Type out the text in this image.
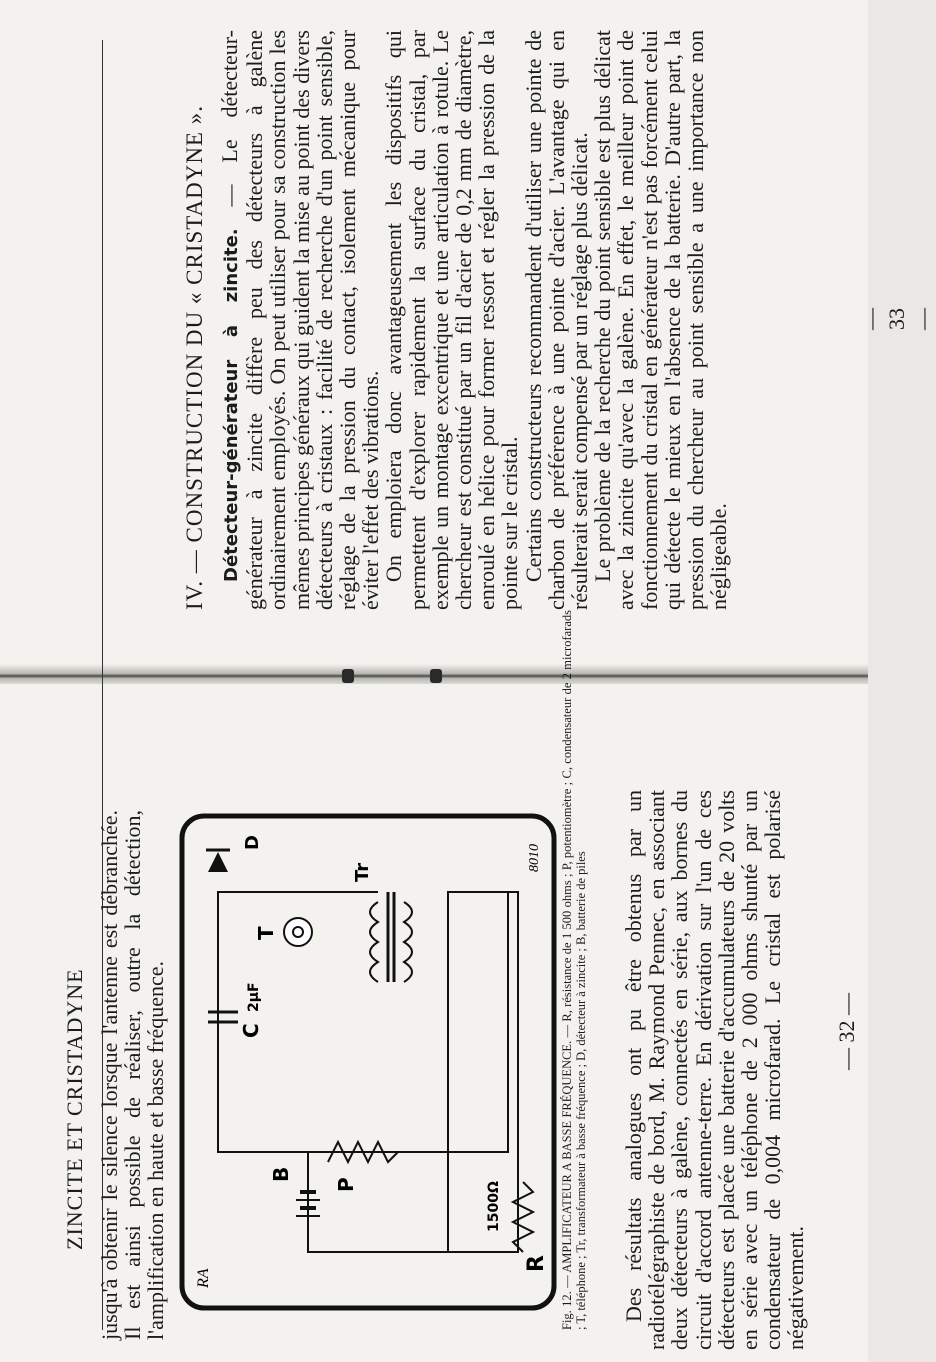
IV. — CONSTRUCTION DU « CRISTADYNE ». Détecteur-générateur à zincite. — Le détecteur-générateur à zincite diffère peu des détecteurs à galène ordinairement employés. On peut utiliser pour sa construction les mêmes principes généraux qui guident la mise au point des divers détecteurs à cristaux : facilité de recherche d'un point sensible, réglage de la pression du contact, isolement mécanique pour éviter l'effet des vibrations.

On emploiera donc avantageusement les dispositifs qui permettent d'explorer rapidement la surface du cristal, par exemple un montage excentrique et une articulation à rotule. Le chercheur est constitué par un fil d'acier de 0,2 mm de diamètre, enroulé en hélice pour former ressort et régler la pression de la pointe sur le cristal.

Certains constructeurs recommandent d'utiliser une pointe de charbon de préférence à une pointe d'acier. L'avantage qui en résulterait serait compensé par un réglage plus délicat.

Le problème de la recherche du point sensible est plus délicat avec la zincite qu'avec la galène. En effet, le meilleur point de fonctionnement du cristal en générateur n'est pas forcément celui qui détecte le mieux en l'absence de la batterie. D'autre part, la pression du chercheur au point sensible a une importance non négligeable.

— 33 —
ZINCITE ET CRISTADYNE jusqu'à obtenir le silence lorsque l'antenne est débranchée. Il est ainsi possible de réaliser, outre la détection, l'amplification en haute et basse fréquence.	R
1500Ω
P
B
T
C
2μF
Tr
D
RA
8010 Fig. 12. — AMPLIFICATEUR A BASSE FRÉQUENCE. — R, résistance de 1 500 ohms ; P, potentiomètre ; C, condensateur de 2 microfarads ; T, téléphone ; Tr, transformateur à basse fréquence ; D, détecteur à zincite ; B, batterie de piles Des résultats analogues ont pu être obtenus par un radiotélégraphiste de bord, M. Raymond Pennec, en associant deux détecteurs à galène, connectés en série, aux bornes du circuit d'accord antenne-terre. En dérivation sur l'un de ces détecteurs est placée une batterie d'accumulateurs de 20 volts en série avec un téléphone de 2 000 ohms shunté par un condensateur de 0,004 microfarad. Le cristal est polarisé négativement.

— 32 —
